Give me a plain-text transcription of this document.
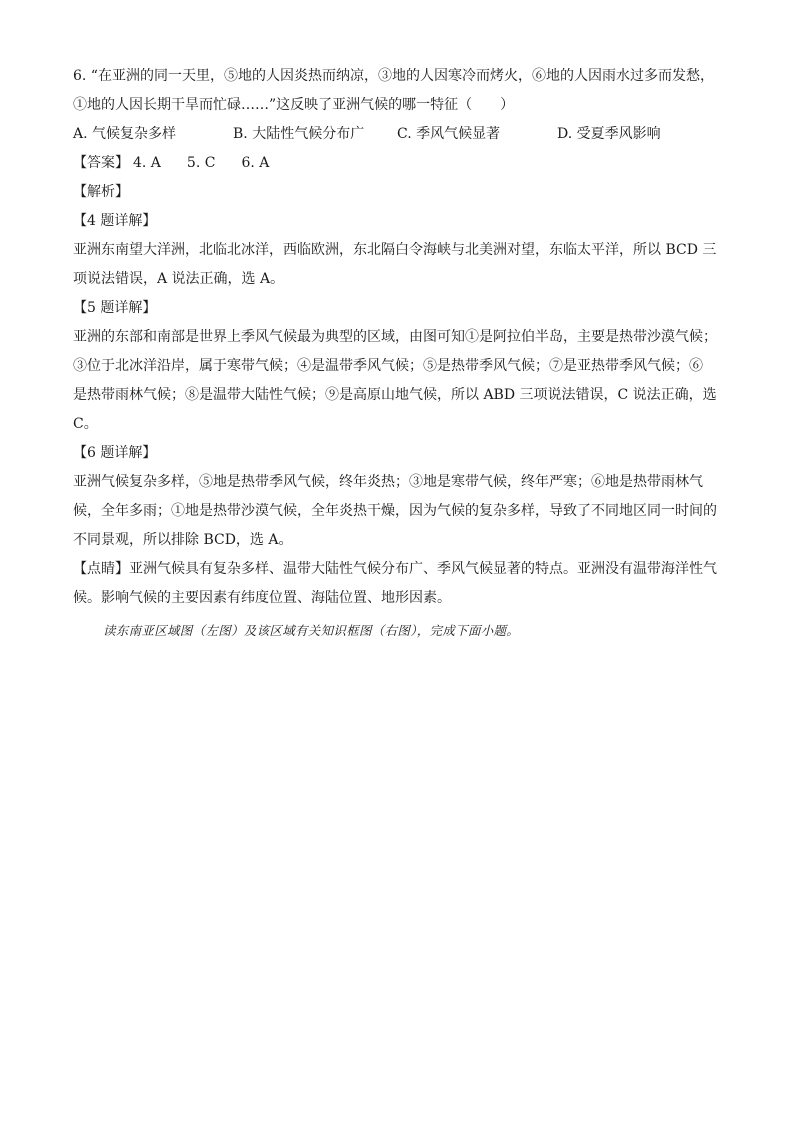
6. “在亚洲的同一天里，⑤地的人因炎热而纳凉，③地的人因寒冷而烤火，⑥地的人因雨水过多而发愁，
①地的人因长期干旱而忙碌……”这反映了亚洲气候的哪一特征（　　）
A. 气候复杂多样	B. 大陆性气候分布广 C. 季风气候显著	D. 受夏季风影响
【答案】 4. A 5. C 6. A
【解析】
【4 题详解】
亚洲东南望大洋洲，北临北冰洋，西临欧洲，东北隔白令海峡与北美洲对望，东临太平洋，所以 BCD 三
项说法错误，A 说法正确，选 A。
【5 题详解】
亚洲的东部和南部是世界上季风气候最为典型的区域，由图可知①是阿拉伯半岛，主要是热带沙漠气候；
③位于北冰洋沿岸，属于寒带气候；④是温带季风气候；⑤是热带季风气候；⑦是亚热带季风气候；⑥
是热带雨林气候；⑧是温带大陆性气候；⑨是高原山地气候，所以 ABD 三项说法错误，C 说法正确，选
C。
【6 题详解】
亚洲气候复杂多样，⑤地是热带季风气候，终年炎热；③地是寒带气候，终年严寒；⑥地是热带雨林气
候，全年多雨；①地是热带沙漠气候，全年炎热干燥，因为气候的复杂多样，导致了不同地区同一时间的
不同景观，所以排除 BCD，选 A。
【点睛】亚洲气候具有复杂多样、温带大陆性气候分布广、季风气候显著的特点。亚洲没有温带海洋性气
候。影响气候的主要因素有纬度位置、海陆位置、地形因素。
读东南亚区域图（左图）及该区域有关知识框图（右图），完成下面小题。
